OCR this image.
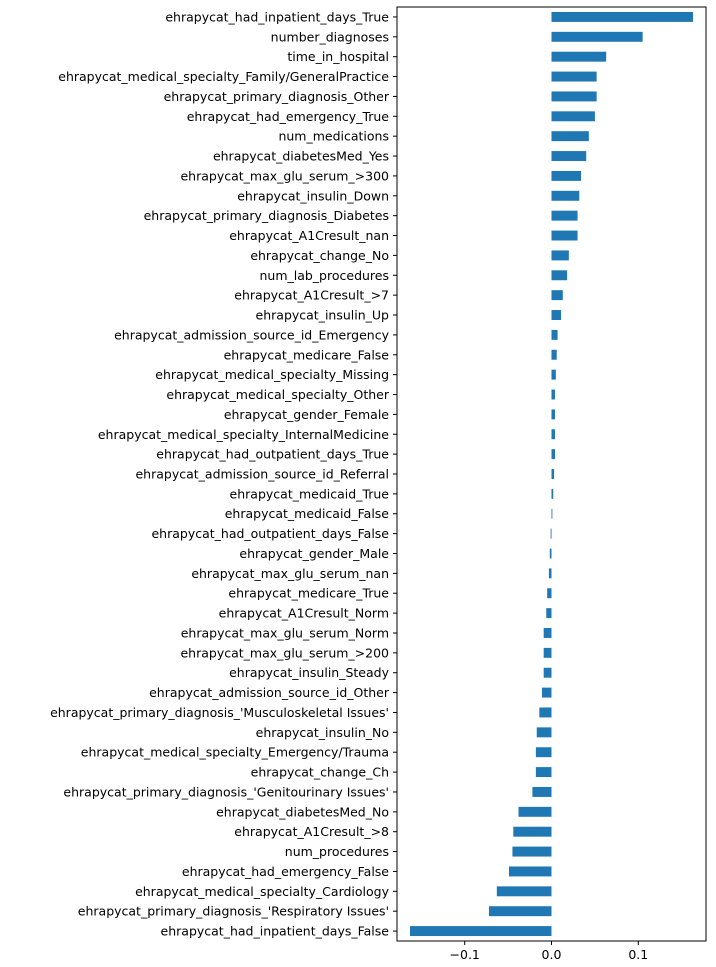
ehrapycat_had_inpatient_days_True
number_diagnoses
time_in_hospital
ehrapycat_medical_specialty_Family/GeneralPractice
ehrapycat_primary_diagnosis_Other
ehrapycat_had_emergency_True
num_medications
ehrapycat_diabetesMed_Yes
ehrapycat_max_glu_serum_>300
ehrapycat_insulin_Down
ehrapycat_primary_diagnosis_Diabetes
ehrapycat_A1Cresult_nan
ehrapycat_change_No
num_lab_procedures
ehrapycat_A1Cresult_>7
ehrapycat_insulin_Up
ehrapycat_admission_source_id_Emergency
ehrapycat_medicare_False
ehrapycat_medical_specialty_Missing
ehrapycat_medical_specialty_Other
ehrapycat_gender_Female
ehrapycat_medical_specialty_InternalMedicine
ehrapycat_had_outpatient_days_True
ehrapycat_admission_source_id_Referral
ehrapycat_medicaid_True
ehrapycat_medicaid_False
ehrapycat_had_outpatient_days_False
ehrapycat_gender_Male
ehrapycat_max_glu_serum_nan
ehrapycat_medicare_True
ehrapycat_A1Cresult_Norm
ehrapycat_max_glu_serum_Norm
ehrapycat_max_glu_serum_>200
ehrapycat_insulin_Steady
ehrapycat_admission_source_id_Other
ehrapycat_primary_diagnosis_'Musculoskeletal Issues'
ehrapycat_insulin_No
ehrapycat_medical_specialty_Emergency/Trauma
ehrapycat_change_Ch
ehrapycat_primary_diagnosis_'Genitourinary Issues'
ehrapycat_diabetesMed_No
ehrapycat_A1Cresult_>8
num_procedures
ehrapycat_had_emergency_False
ehrapycat_medical_specialty_Cardiology
ehrapycat_primary_diagnosis_'Respiratory Issues'
ehrapycat_had_inpatient_days_False
−0.1	0.0	0.1
